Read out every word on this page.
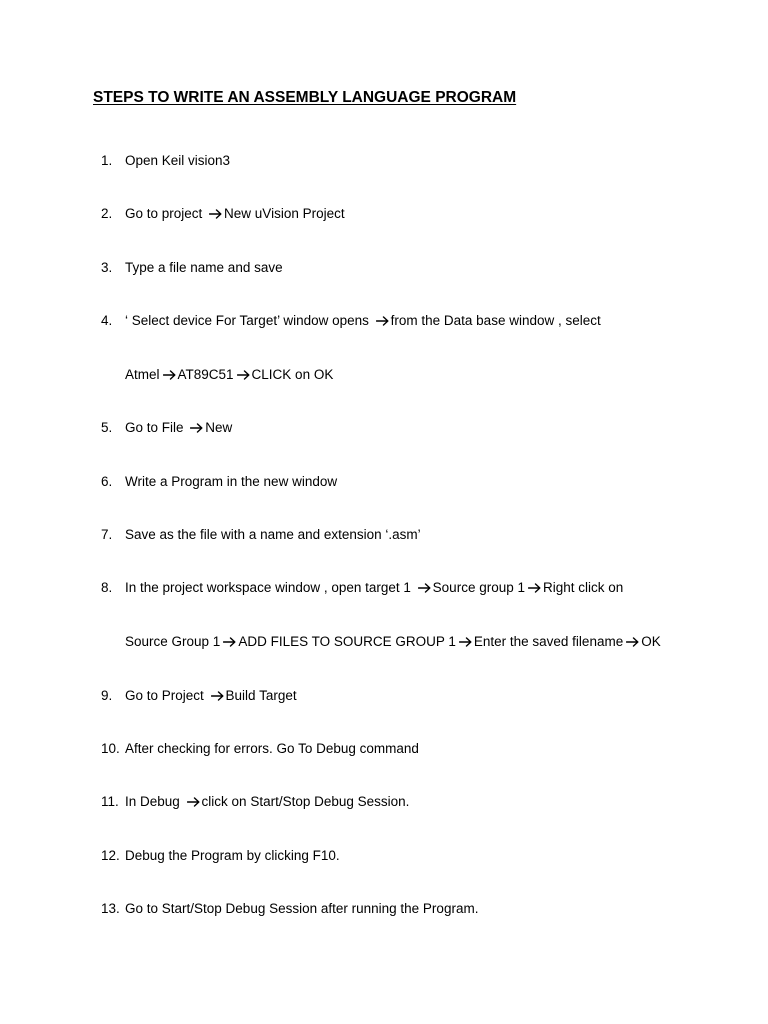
STEPS TO WRITE AN ASSEMBLY LANGUAGE PROGRAM
1. Open Keil vision3
2. Go to project
New uVision Project
3. Type a file name and save
4. ‘ Select device For Target’ window opens
from the Data base window , select
Atmel AT89C51 CLICK on OK
5. Go to File
New
6. Write a Program in the new window
7. Save as the file with a name and extension ‘.asm’
8. In the project workspace window , open target 1
Source group 1 Right click on
Source Group 1 ADD FILES TO SOURCE GROUP 1 Enter the saved filename OK
9. Go to Project
Build Target
10. After checking for errors. Go To Debug command
11. In Debug
click on Start/Stop Debug Session.
12. Debug the Program by clicking F10.
13. Go to Start/Stop Debug Session after running the Program.
